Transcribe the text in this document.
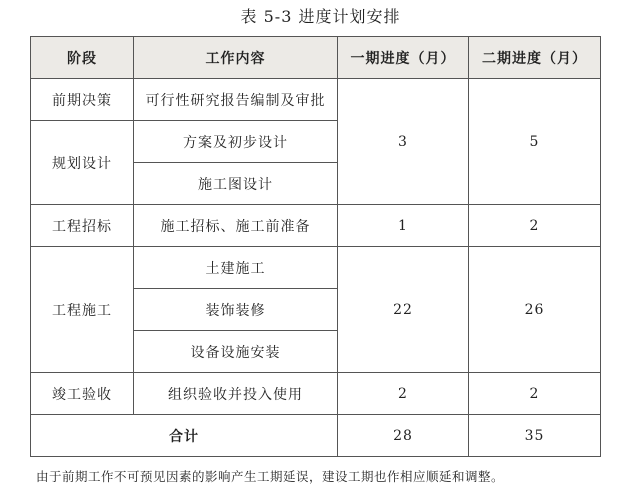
表 5-3 进度计划安排
阶段	工作内容	一期进度（月）	二期进度（月）
前期决策	可行性研究报告编制及审批	3	5
规划设计	方案及初步设计		
	施工图设计		
工程招标	施工招标、施工前准备	1	2
工程施工	土建施工	22	26
	装饰装修		
	设备设施安装		
竣工验收	组织验收并投入使用	2	2
合计		28	35
由于前期工作不可预见因素的影响产生工期延误，建设工期也作相应顺延和调整。
